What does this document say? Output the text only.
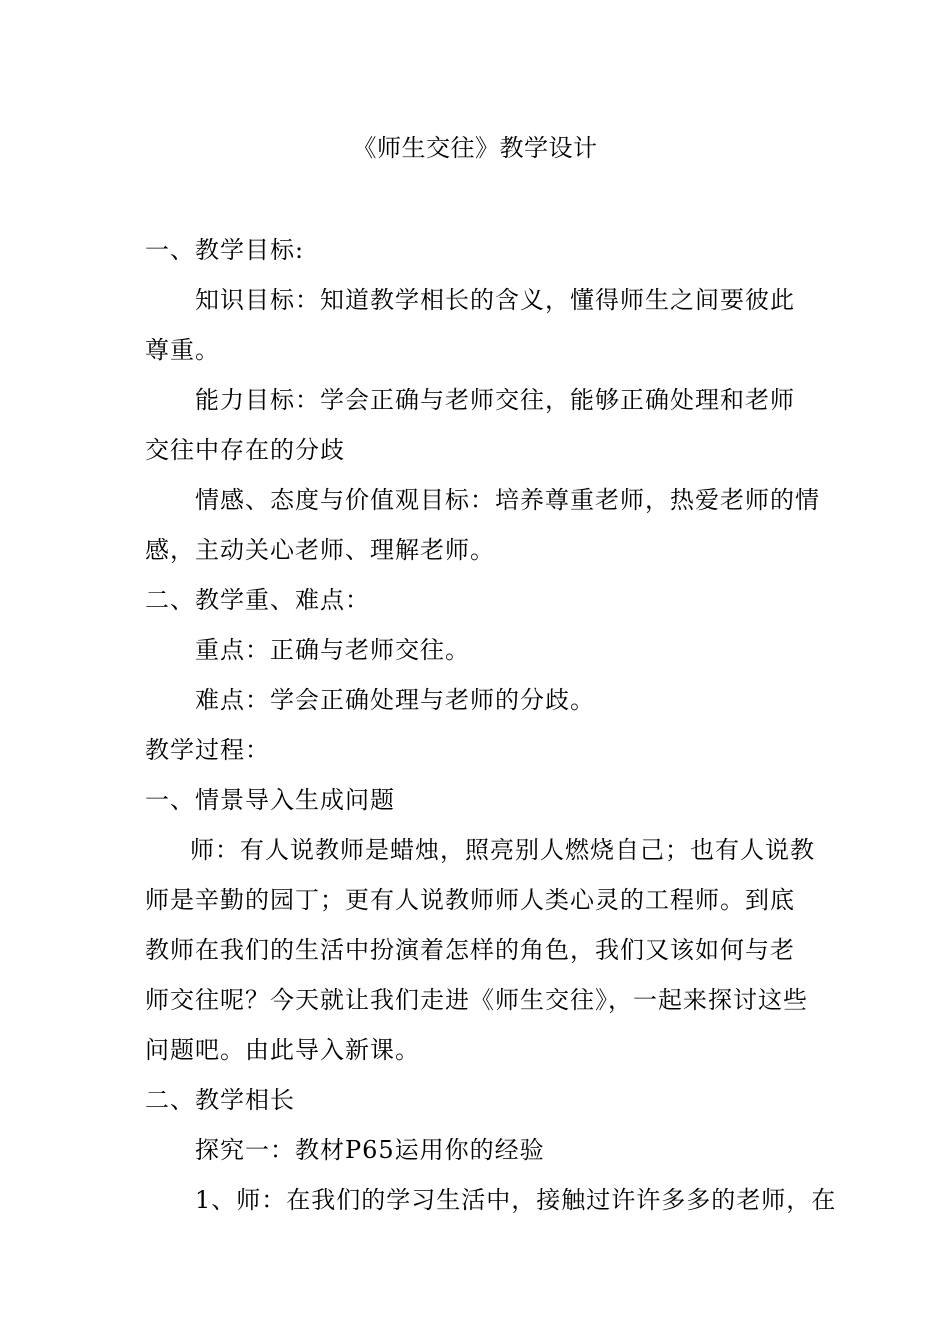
《师生交往》教学设计
一、教学目标:
知识目标：知道教学相长的含义，懂得师生之间要彼此
尊重。
能力目标：学会正确与老师交往，能够正确处理和老师
交往中存在的分歧
情感、态度与价值观目标：培养尊重老师，热爱老师的情
感，主动关心老师、理解老师。
二、教学重、难点：
重点：正确与老师交往。
难点：学会正确处理与老师的分歧。
教学过程：
一、情景导入生成问题
师：有人说教师是蜡烛，照亮别人燃烧自己；也有人说教
师是辛勤的园丁；更有人说教师师人类心灵的工程师。到底
教师在我们的生活中扮演着怎样的角色，我们又该如何与老
师交往呢？今天就让我们走进《师生交往》，一起来探讨这些
问题吧。由此导入新课。
二、教学相长
探究一：教材P65运用你的经验
1、师：在我们的学习生活中，接触过许许多多的老师，在
